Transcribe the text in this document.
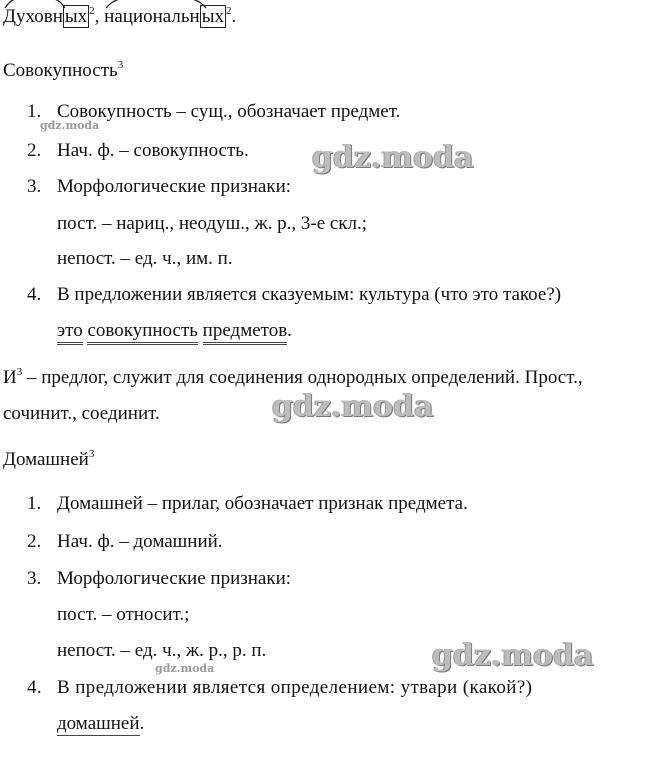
Духовн ых $^2$,
национальн ых $^2$.
Совокупность$^3$
1. Совокупность – сущ., обозначает предмет.
2. Нач. ф. – совокупность.
3. Морфологические признаки:
пост. – нариц., неодуш., ж. р., 3-е скл.;
непост. – ед. ч., им. п.
4. В предложении является сказуемым: культура (что это такое?)
это совокупность предметов.
$И^3$ – предлог, служит для соединения однородных определений. Прост.,
сочинит., соединит.
Домашней$^3$
1. Домашней – прилаг, обозначает признак предмета.
2. Нач. ф. – домашний.
3. Морфологические признаки:
пост. – относит.;
непост. – ед. ч., ж. р., р. п.
4. В предложении является определением: утвари (какой?)
домашней.
gdz.moda
gdz.moda
gdz.moda
gdz.moda	gdz.moda
